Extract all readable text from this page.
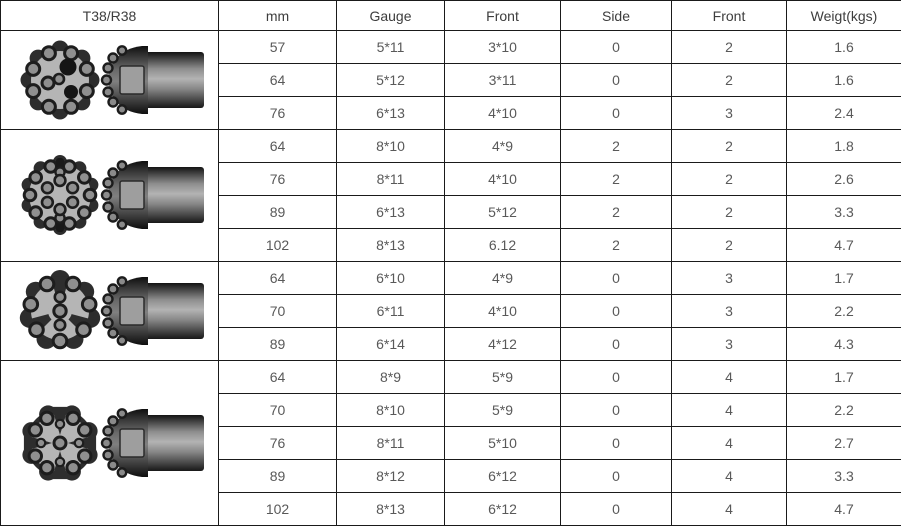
T38/R38	mm	Gauge	Front	Side	Front	Weigt(kgs)
	57	5*11	3*10	0	2	1.6
	64	5*12	3*11	0	2	1.6
	76	6*13	4*10	0	3	2.4
	64	8*10	4*9	2	2	1.8
	76	8*11	4*10	2	2	2.6
	89	6*13	5*12	2	2	3.3
	102	8*13	6.12	2	2	4.7
	64	6*10	4*9	0	3	1.7
	70	6*11	4*10	0	3	2.2
	89	6*14	4*12	0	3	4.3
	64	8*9	5*9	0	4	1.7
	70	8*10	5*9	0	4	2.2
	76	8*11	5*10	0	4	2.7
	89	8*12	6*12	0	4	3.3
	102	8*13	6*12	0	4	4.7
